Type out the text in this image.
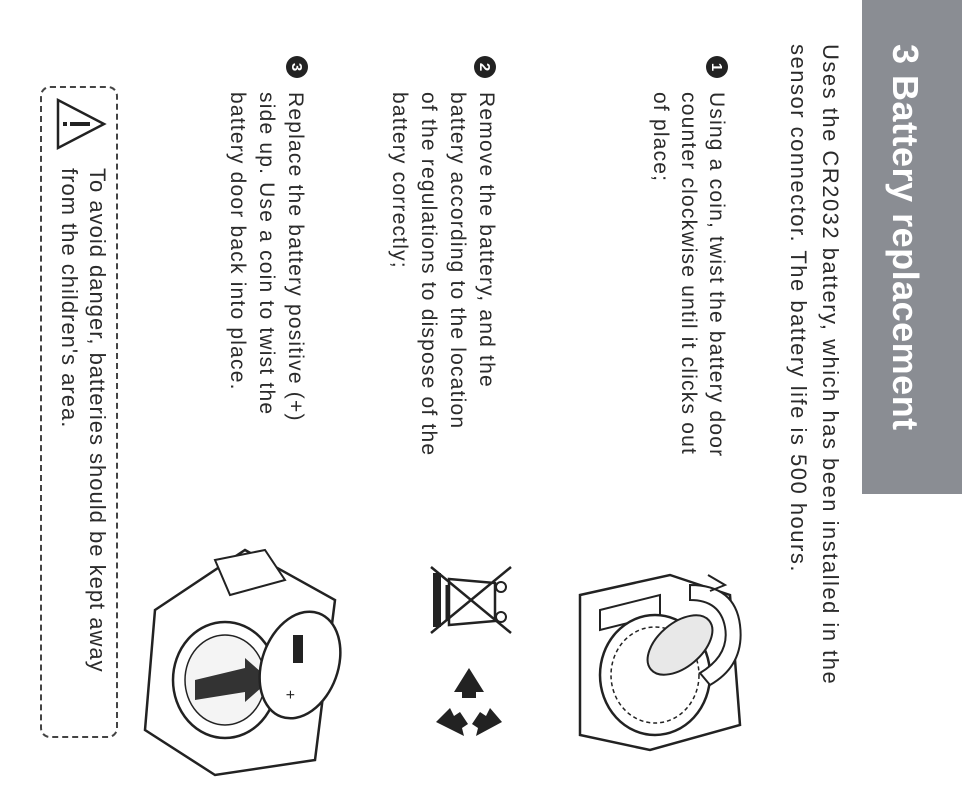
3 Battery replacement
Uses the CR2032 battery, which has been installed in the
sensor connector. The battery life is 500 hours.
1
Using a coin, twist the battery door
counter clockwise until it clicks out
of place;
2
Remove the battery, and the
battery according to the location
of the regulations to dispose of the
battery correctly;
3
Replace the battery positive (+)
side up. Use a coin to twist the
battery door back into place.
To avoid danger, batteries should be kept away
from the children's area.
+
